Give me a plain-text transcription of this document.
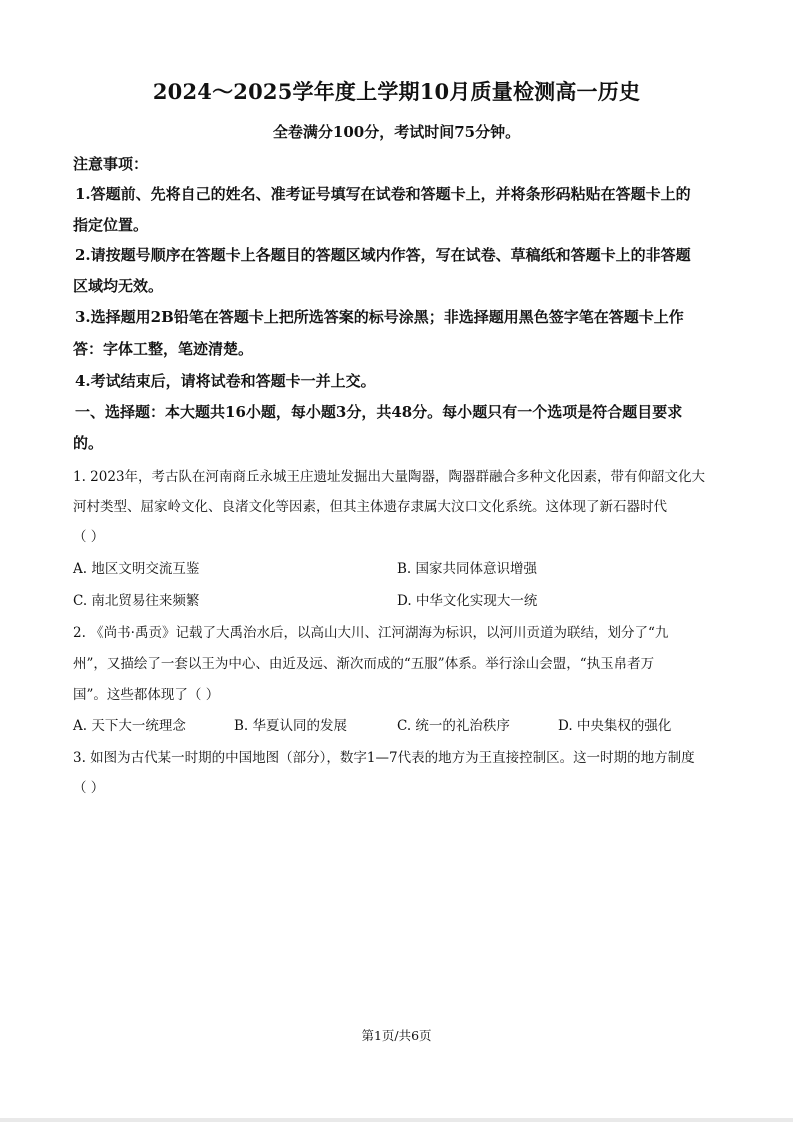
2024～2025学年度上学期10月质量检测高一历史
全卷满分100分，考试时间75分钟。
注意事项：
1.答题前、先将自己的姓名、准考证号填写在试卷和答题卡上，并将条形码粘贴在答题卡上的
指定位置。
2.请按题号顺序在答题卡上各题目的答题区域内作答，写在试卷、草稿纸和答题卡上的非答题
区域均无效。
3.选择题用2B铅笔在答题卡上把所选答案的标号涂黑；非选择题用黑色签字笔在答题卡上作
答：字体工整，笔迹清楚。
4.考试结束后，请将试卷和答题卡一并上交。
一、选择题：本大题共16小题，每小题3分，共48分。每小题只有一个选项是符合题目要求
的。
1. 2023年，考古队在河南商丘永城王庄遗址发掘出大量陶器，陶器群融合多种文化因素，带有仰韶文化大
河村类型、屈家岭文化、良渚文化等因素，但其主体遗存隶属大汶口文化系统。这体现了新石器时代
（ ）
A. 地区文明交流互鉴	B. 国家共同体意识增强
C. 南北贸易往来频繁	D. 中华文化实现大一统
2. 《尚书·禹贡》记载了大禹治水后，以高山大川、江河湖海为标识，以河川贡道为联结，划分了“九
州”，又描绘了一套以王为中心、由近及远、渐次而成的“五服”体系。举行涂山会盟，“执玉帛者万
国”。这些都体现了（ ）
A. 天下大一统理念	B. 华夏认同的发展	C. 统一的礼治秩序	D. 中央集权的强化
3. 如图为古代某一时期的中国地图（部分），数字1—7代表的地方为王直接控制区。这一时期的地方制度
（ ）
第1页/共6页
